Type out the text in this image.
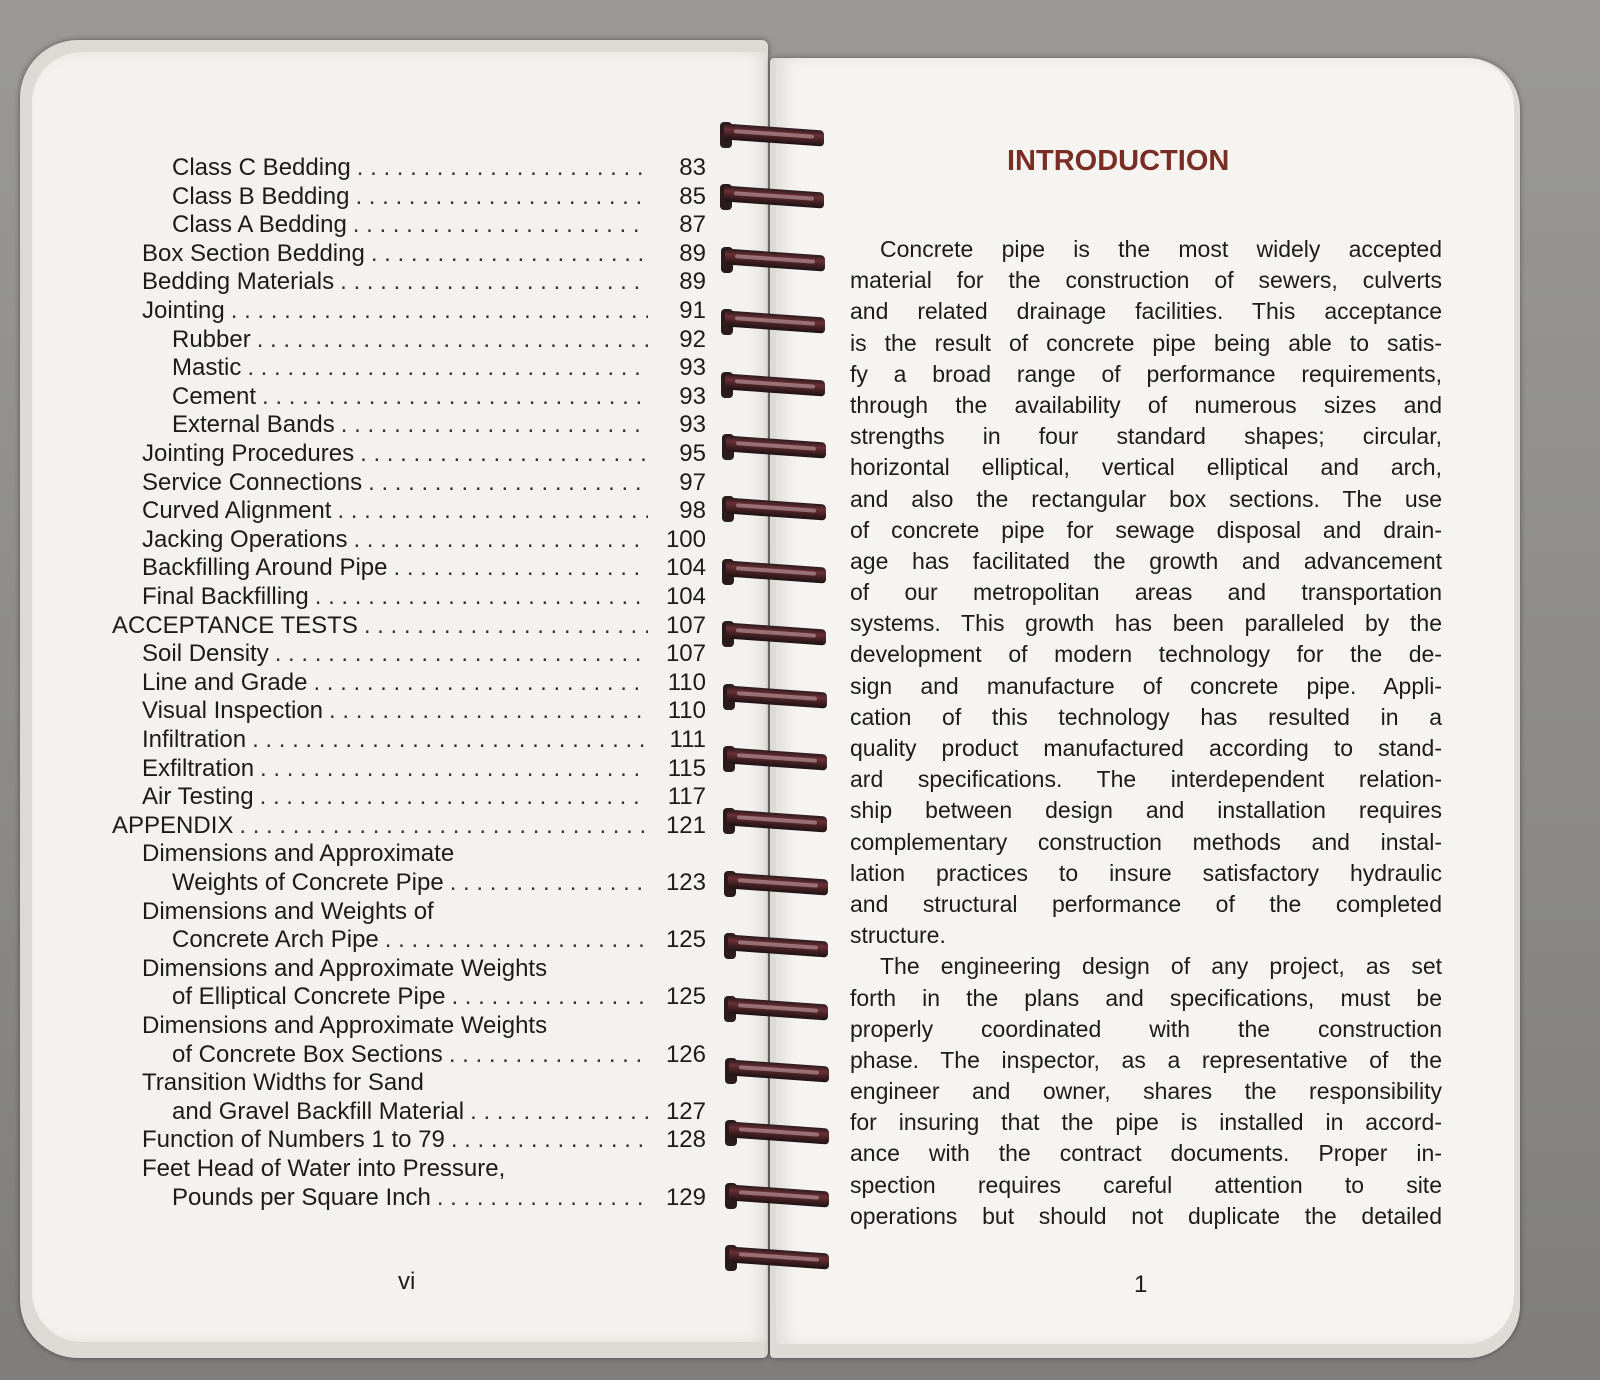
Class C Bedding . . .	83
Class B Bedding . . .	85
Class A Bedding . . .	87
Box Section Bedding . . .	89
Bedding Materials . . .	89
Jointing . . .	91
Rubber . . .	92
Mastic . . .	93
Cement . . .	93
External Bands . . .	93
Jointing Procedures . . .	95
Service Connections . . .	97
Curved Alignment . . .	98
Jacking Operations . . .	100
Backfilling Around Pipe . . .	104
Final Backfilling . . .	104
ACCEPTANCE TESTS . . .	107
Soil Density . . .	107
Line and Grade . . .	110
Visual Inspection . . .	110
Infiltration . . .	111
Exfiltration . . .	115
Air Testing . . .	117
APPENDIX . . .	121
Dimensions and Approximate
Weights of Concrete Pipe . . .	123
Dimensions and Weights of
Concrete Arch Pipe . . .	125
Dimensions and Approximate Weights
of Elliptical Concrete Pipe . . .	125
Dimensions and Approximate Weights
of Concrete Box Sections . . .	126
Transition Widths for Sand
and Gravel Backfill Material . . .	127
Function of Numbers 1 to 79 . . .	128
Feet Head of Water into Pressure,
Pounds per Square Inch . . .	129
vi
INTRODUCTION
Concrete pipe is the most widely accepted
material for the construction of sewers, culverts
and related drainage facilities. This acceptance
is the result of concrete pipe being able to satis-
fy a broad range of performance requirements,
through the availability of numerous sizes and
strengths in four standard shapes; circular,
horizontal elliptical, vertical elliptical and arch,
and also the rectangular box sections. The use
of concrete pipe for sewage disposal and drain-
age has facilitated the growth and advancement
of our metropolitan areas and transportation
systems. This growth has been paralleled by the
development of modern technology for the de-
sign and manufacture of concrete pipe. Appli-
cation of this technology has resulted in a
quality product manufactured according to stand-
ard specifications. The interdependent relation-
ship between design and installation requires
complementary construction methods and instal-
lation practices to insure satisfactory hydraulic
and structural performance of the completed
structure.
The engineering design of any project, as set
forth in the plans and specifications, must be
properly coordinated with the construction
phase. The inspector, as a representative of the
engineer and owner, shares the responsibility
for insuring that the pipe is installed in accord-
ance with the contract documents. Proper in-
spection requires careful attention to site
operations but should not duplicate the detailed
1
